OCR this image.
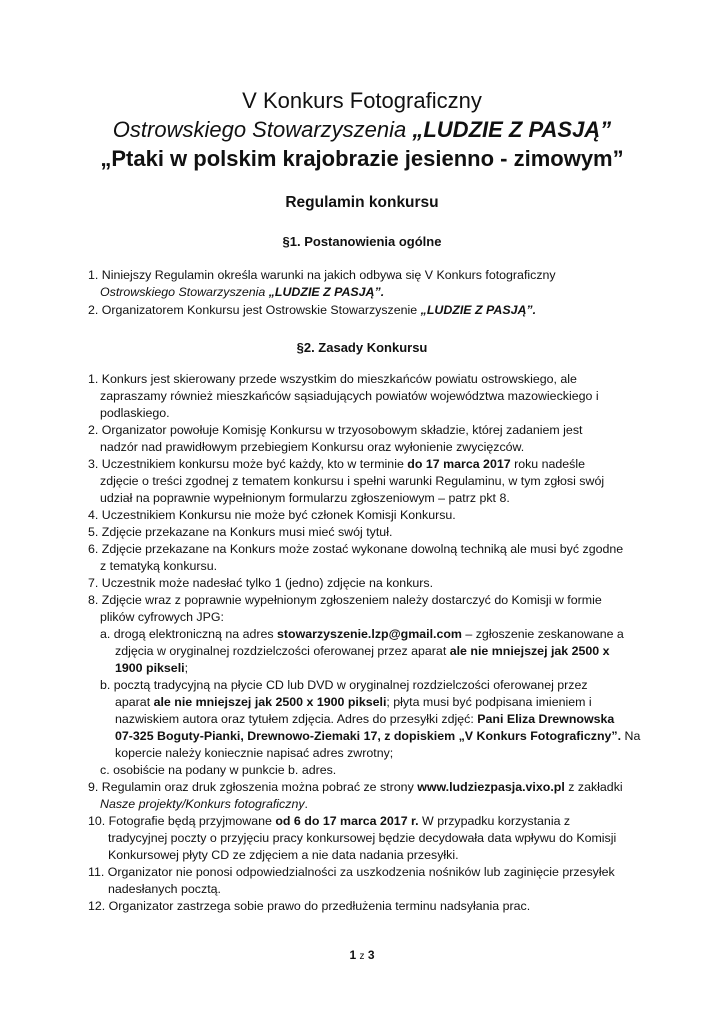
V Konkurs Fotograficzny

Ostrowskiego Stowarzyszenia „LUDZIE Z PASJĄ”

„Ptaki w polskim krajobrazie jesienno - zimowym”

Regulamin konkursu

§1. Postanowienia ogólne

1. Niniejszy Regulamin określa warunki na jakich odbywa się V Konkurs fotograficzny

Ostrowskiego Stowarzyszenia „LUDZIE Z PASJĄ”.

2. Organizatorem Konkursu jest Ostrowskie Stowarzyszenie „LUDZIE Z PASJĄ”.

§2. Zasady Konkursu

1. Konkurs jest skierowany przede wszystkim do mieszkańców powiatu ostrowskiego, ale

zapraszamy również mieszkańców sąsiadujących powiatów województwa mazowieckiego i

podlaskiego.

2. Organizator powołuje Komisję Konkursu w trzyosobowym składzie, której zadaniem jest

nadzór nad prawidłowym przebiegiem Konkursu oraz wyłonienie zwycięzców.

3. Uczestnikiem konkursu może być każdy, kto w terminie do 17 marca 2017 roku nadeśle

zdjęcie o treści zgodnej z tematem konkursu i spełni warunki Regulaminu, w tym zgłosi swój

udział na poprawnie wypełnionym formularzu zgłoszeniowym – patrz pkt 8.

4. Uczestnikiem Konkursu nie może być członek Komisji Konkursu.

5. Zdjęcie przekazane na Konkurs musi mieć swój tytuł.

6. Zdjęcie przekazane na Konkurs może zostać wykonane dowolną techniką ale musi być zgodne

z tematyką konkursu.

7. Uczestnik może nadesłać tylko 1 (jedno) zdjęcie na konkurs.

8. Zdjęcie wraz z poprawnie wypełnionym zgłoszeniem należy dostarczyć do Komisji w formie

plików cyfrowych JPG:

a. drogą elektroniczną na adres stowarzyszenie.lzp@gmail.com – zgłoszenie zeskanowane a

zdjęcia w oryginalnej rozdzielczości oferowanej przez aparat ale nie mniejszej jak 2500 x

1900 pikseli;

b. pocztą tradycyjną na płycie CD lub DVD w oryginalnej rozdzielczości oferowanej przez

aparat ale nie mniejszej jak 2500 x 1900 pikseli; płyta musi być podpisana imieniem i

nazwiskiem autora oraz tytułem zdjęcia. Adres do przesyłki zdjęć: Pani Eliza Drewnowska

07-325 Boguty-Pianki, Drewnowo-Ziemaki 17, z dopiskiem „V Konkurs Fotograficzny”. Na

kopercie należy koniecznie napisać adres zwrotny;

c. osobiście na podany w punkcie b. adres.

9. Regulamin oraz druk zgłoszenia można pobrać ze strony www.ludziezpasja.vixo.pl z zakładki

Nasze projekty/Konkurs fotograficzny.

10. Fotografie będą przyjmowane od 6 do 17 marca 2017 r. W przypadku korzystania z

tradycyjnej poczty o przyjęciu pracy konkursowej będzie decydowała data wpływu do Komisji

Konkursowej płyty CD ze zdjęciem a nie data nadania przesyłki.

11. Organizator nie ponosi odpowiedzialności za uszkodzenia nośników lub zaginięcie przesyłek

nadesłanych pocztą.

12. Organizator zastrzega sobie prawo do przedłużenia terminu nadsyłania prac.

1 z 3
